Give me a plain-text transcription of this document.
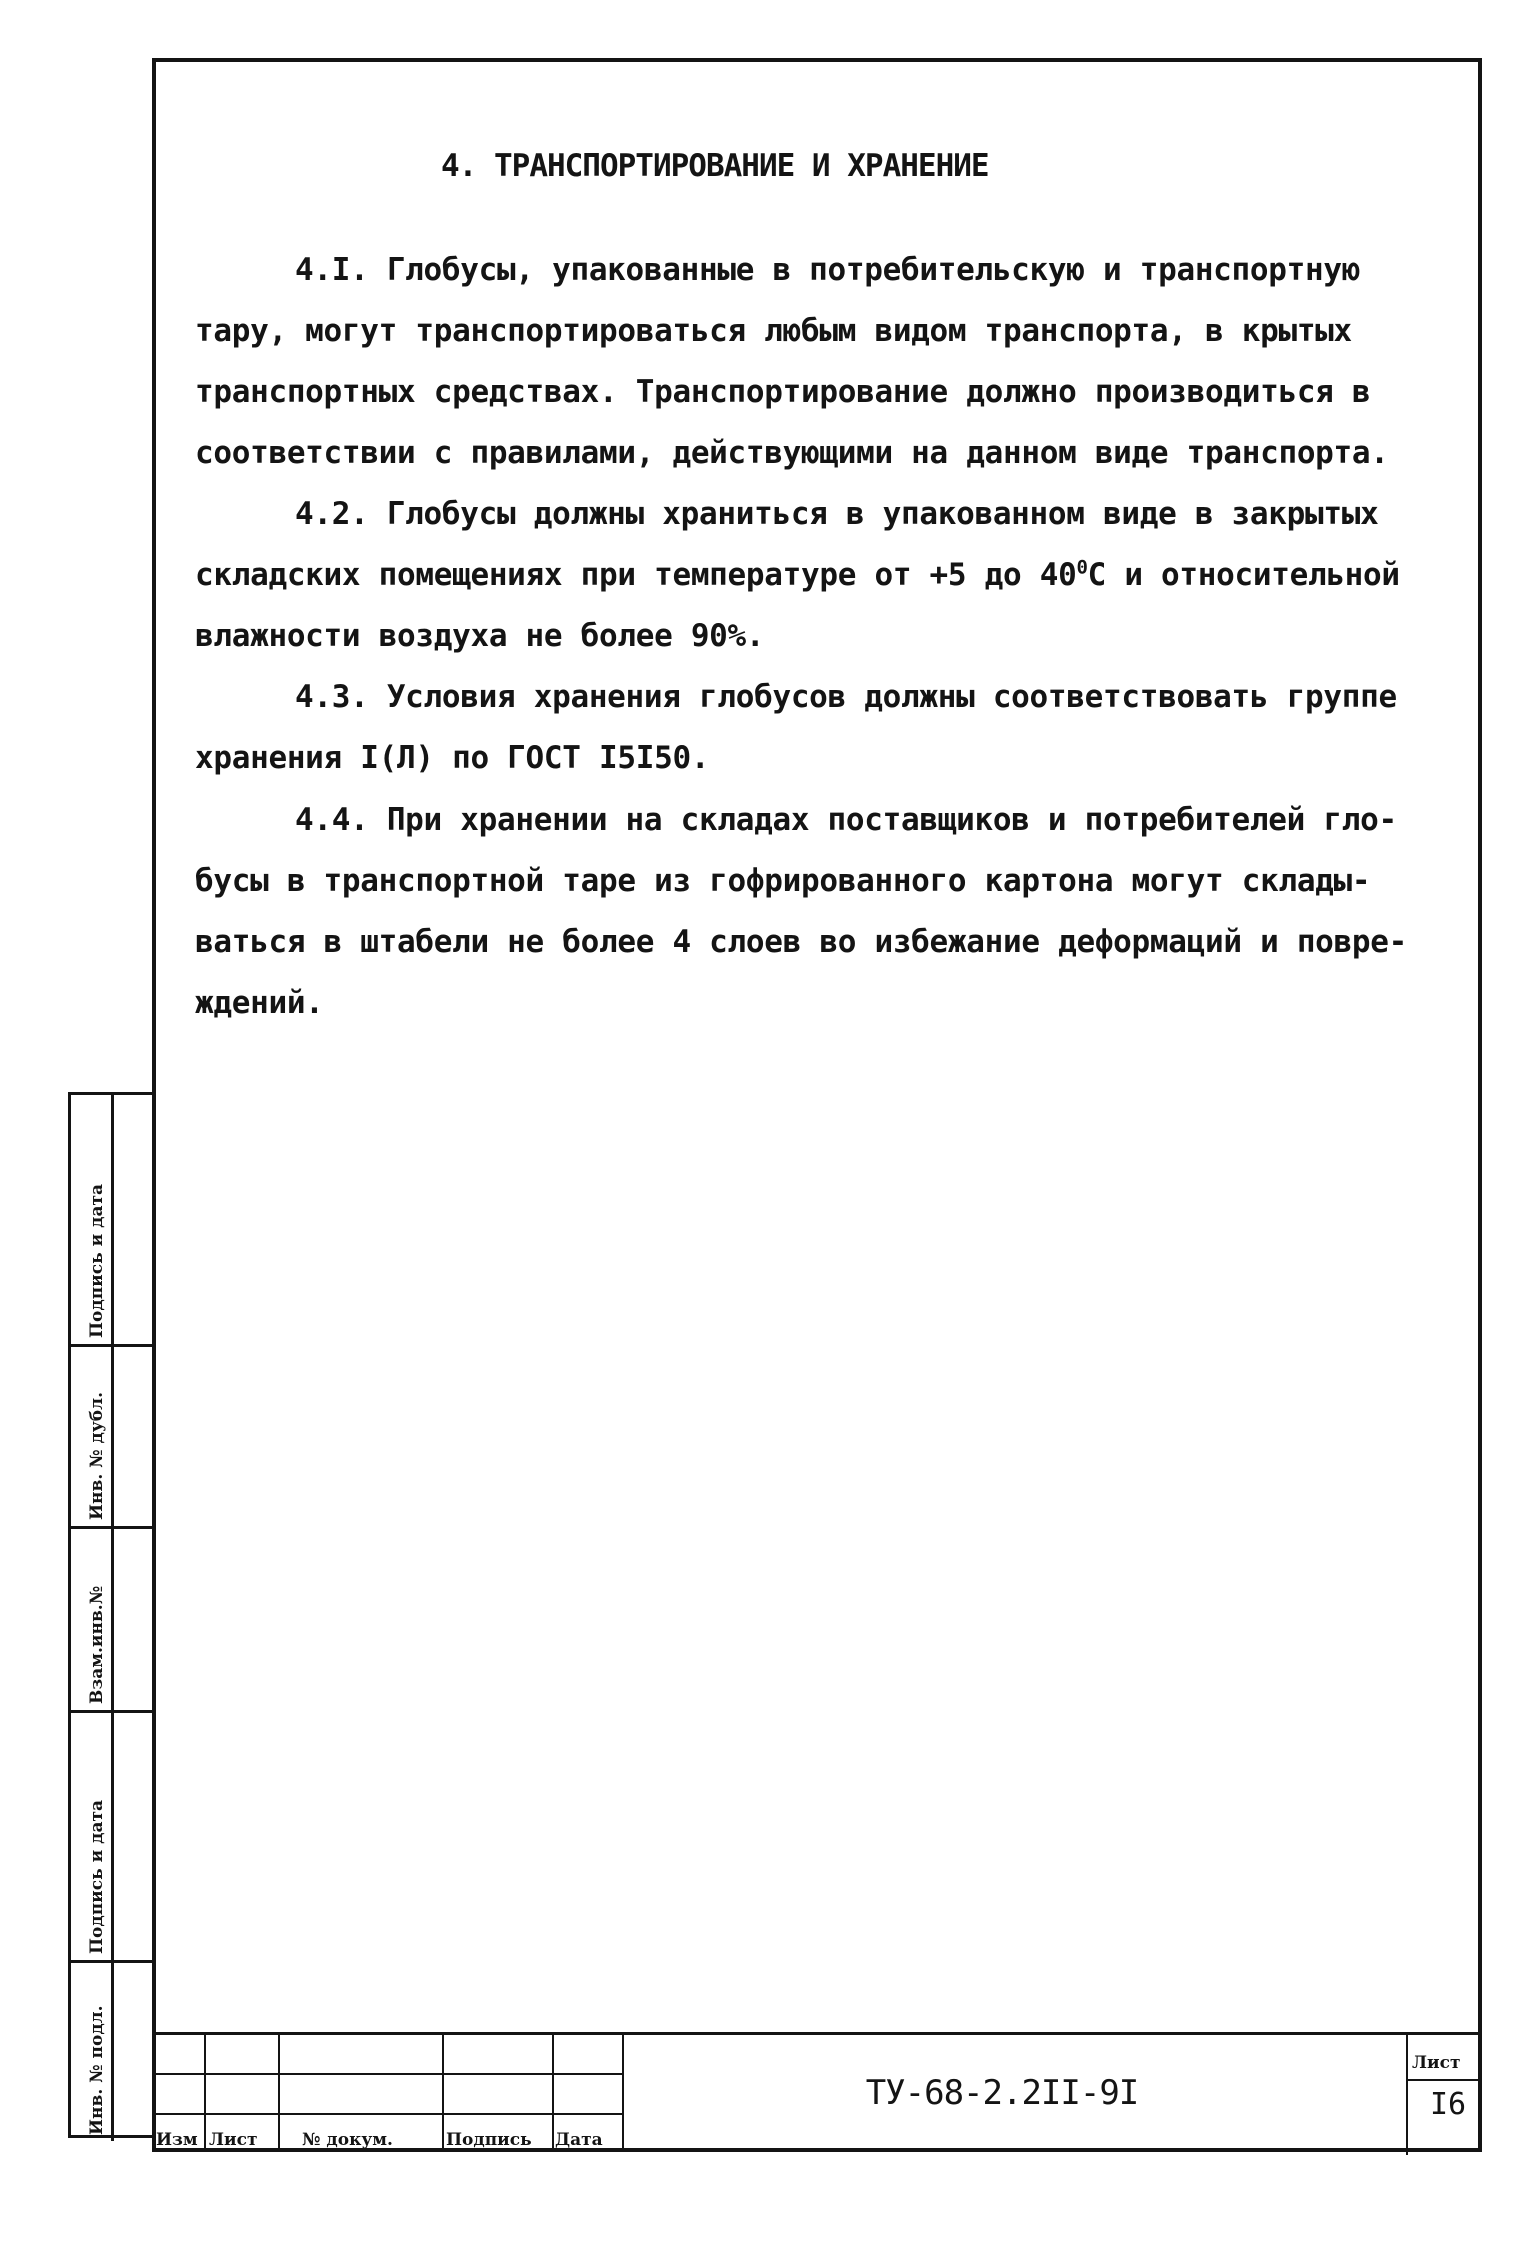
4. ТРАНСПОРТИРОВАНИЕ И ХРАНЕНИЕ
4.I. Глобусы, упакованные в потребительскую и транспортную
тару, могут транспортироваться любым видом транспорта, в крытых
транспортных средствах. Транспортирование должно производиться в
соответствии с правилами, действующими на данном виде транспорта.
4.2. Глобусы должны храниться в упакованном виде в закрытых
складских помещениях при температуре от +5 до $40^0С$ и относительной
влажности воздуха не более 90%.
4.3. Условия хранения глобусов должны соответствовать группе
хранения I(Л) по ГОСТ I5I50.
4.4. При хранении на складах поставщиков и потребителей гло-
бусы в транспортной таре из гофрированного картона могут склады-
ваться в штабели не более 4 слоев во избежание деформаций и повре-
ждений.
Подпись и дата
Инв. № дубл.
Взам.инв.№
Подпись и дата
Инв. № подл.
Изм Лист	№ докум.	Подпись Дата
ТУ-68-2.2II-9I
Лист
I6
